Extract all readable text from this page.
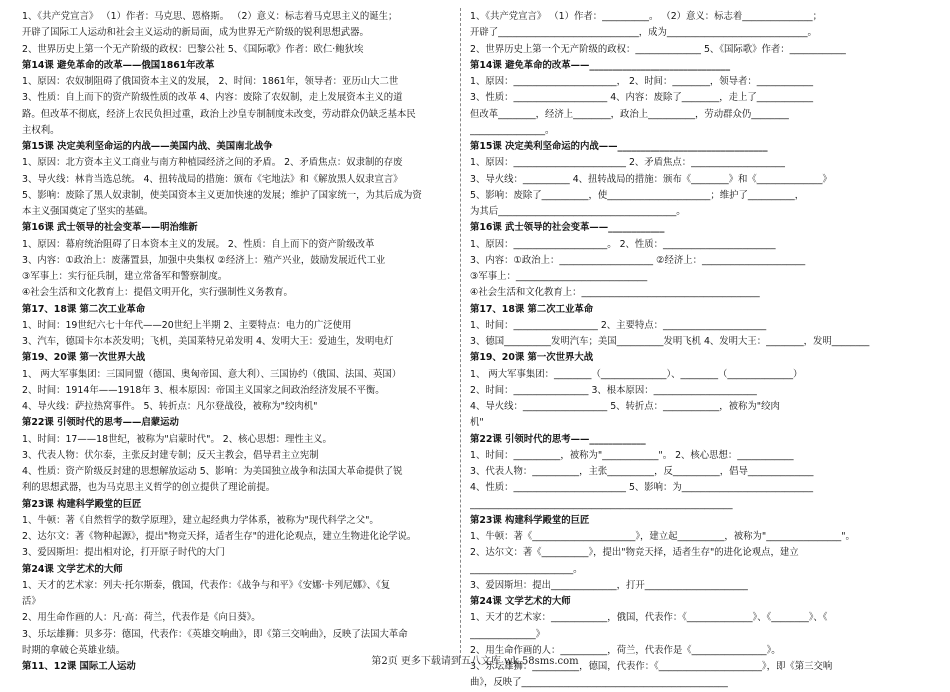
1、《共产党宣言》 （1）作者：马克思、恩格斯。 （2）意义：标志着马克思主义的诞生；
开辟了国际工人运动和社会主义运动的新局面，成为世界无产阶级的锐利思想武器。
2、世界历史上第一个无产阶级的政权：巴黎公社 5、《国际歌》作者：欧仁·鲍狄埃
第14课 避免革命的改革——俄国1861年改革
1、原因：农奴制阻碍了俄国资本主义的发展， 2、时间：1861年，领导者：亚历山大二世
3、性质：自上而下的资产阶级性质的改革 4、内容：废除了农奴制，走上发展资本主义的道
路。但改革不彻底，经济上农民负担过重，政治上沙皇专制制度未改变，劳动群众仍缺乏基本民
主权利。
第15课 决定美利坚命运的内战——美国内战、美国南北战争
1、原因：北方资本主义工商业与南方种植园经济之间的矛盾。 2、矛盾焦点：奴隶制的存废
3、导火线：林肯当选总统。 4、扭转战局的措施：颁布《宅地法》和《解放黑人奴隶宣言》
5、影响：废除了黑人奴隶制，使美国资本主义更加快速的发展；维护了国家统一，为其后成为资
本主义强国奠定了坚实的基础。
第16课 武士领导的社会变革——明治维新
1、原因：幕府统治阻碍了日本资本主义的发展。 2、性质：自上而下的资产阶级改革
3、内容：①政治上：废藩置县，加强中央集权 ②经济上：殖产兴业，鼓励发展近代工业
③军事上：实行征兵制，建立常备军和警察制度。
④社会生活和文化教育上：提倡文明开化，实行强制性义务教育。
第17、18课 第二次工业革命
1、时间：19世纪六七十年代——20世纪上半期 2、主要特点：电力的广泛使用
3、汽车，德国卡尔本茨发明；飞机，美国莱特兄弟发明 4、发明大王：爱迪生，发明电灯
第19、20课 第一次世界大战
1、 两大军事集团：三国同盟（德国、奥匈帝国、意大利）、三国协约（俄国、法国、英国）
2、时间：1914年——1918年 3、根本原因：帝国主义国家之间政治经济发展不平衡。
4、导火线：萨拉热窝事件。 5、转折点：凡尔登战役，被称为"绞肉机"
第22课 引领时代的思考——启蒙运动
1、时间：17——18世纪，被称为"启蒙时代"。 2、核心思想：理性主义。
3、代表人物：伏尔泰，主张反封建专制；反天主教会，倡导君主立宪制
4、性质：资产阶级反封建的思想解放运动 5、影响：为美国独立战争和法国大革命提供了锐
利的思想武器，也为马克思主义哲学的创立提供了理论前提。
第23课 构建科学殿堂的巨匠
1、牛顿：著《自然哲学的数学原理》，建立起经典力学体系，被称为"现代科学之父"。
2、达尔文：著《物种起源》，提出"物竞天择，适者生存"的进化论观点，建立生物进化论学说。
3、爱因斯坦：提出相对论，打开原子时代的大门
第24课 文学艺术的大师
1、天才的艺术家：列夫·托尔斯泰，俄国，代表作：《战争与和平》《安娜·卡列尼娜》、《复
活》
2、用生命作画的人：凡·高：荷兰，代表作是《向日葵》。
3、乐坛雄狮：贝多芬：德国，代表作：《英雄交响曲》，即《第三交响曲》，反映了法国大革命
时期的拿破仑英雄业绩。
第11、12课 国际工人运动
1、《共产党宣言》 （1）作者：__________。 （2）意义：标志着_______________；
开辟了______________________________，成为______________________________。
2、世界历史上第一个无产阶级的政权：______________ 5、《国际歌》作者：____________
第14课 避免革命的改革——______________________________
1、原因：______________________， 2、时间：________，领导者：____________
3、性质：____________________ 4、内容：废除了________，走上了____________
但改革________，经济上________，政治上__________，劳动群众仍________
________________。
第15课 决定美利坚命运的内战——________________________________
1、原因：________________________ 2、矛盾焦点：____________________
3、导火线：__________ 4、扭转战局的措施：颁布《________》和《______________》
5、影响：废除了__________，使______________________；维护了__________，
为其后______________________________________。
第16课 武士领导的社会变革——____________
1、原因：____________________。 2、性质：________________________
3、内容：①政治上：____________________ ②经济上：______________________
③军事上：____________________________
④社会生活和文化教育上：______________________________________
第17、18课 第二次工业革命
1、时间：__________________ 2、主要特点：______________________
3、德国__________发明汽车；美国__________发明飞机 4、发明大王：________，发明________
第19、20课 第一次世界大战
1、 两大军事集团：________（______________）、________（______________）
2、时间：________________ 3、根本原因：______________________
4、导火线：__________________ 5、转折点：____________，被称为"绞肉
机"
第22课 引领时代的思考——____________
1、时间：__________，被称为"____________"。 2、核心思想：____________
3、代表人物：__________，主张__________，反__________，倡导______________
4、性质：________________________ 5、影响：为____________________________
________________________________________________________
第23课 构建科学殿堂的巨匠
1、牛顿：著《______________________》，建立起__________，被称为"________________"。
2、达尔文：著《__________》，提出"物竞天择，适者生存"的进化论观点，建立
______________________。
3、爱因斯坦：提出______________，打开______________________
第24课 文学艺术的大师
1、天才的艺术家：____________，俄国，代表作：《______________》、《________》、《
______________》
2、用生命作画的人：__________，荷兰，代表作是《________________》。
3、乐坛雄狮：__________，德国，代表作：《______________________》，即《第三交响
曲》，反映了____________________________________________
第2页 更多下载请到五八文库 wk.58sms.com
